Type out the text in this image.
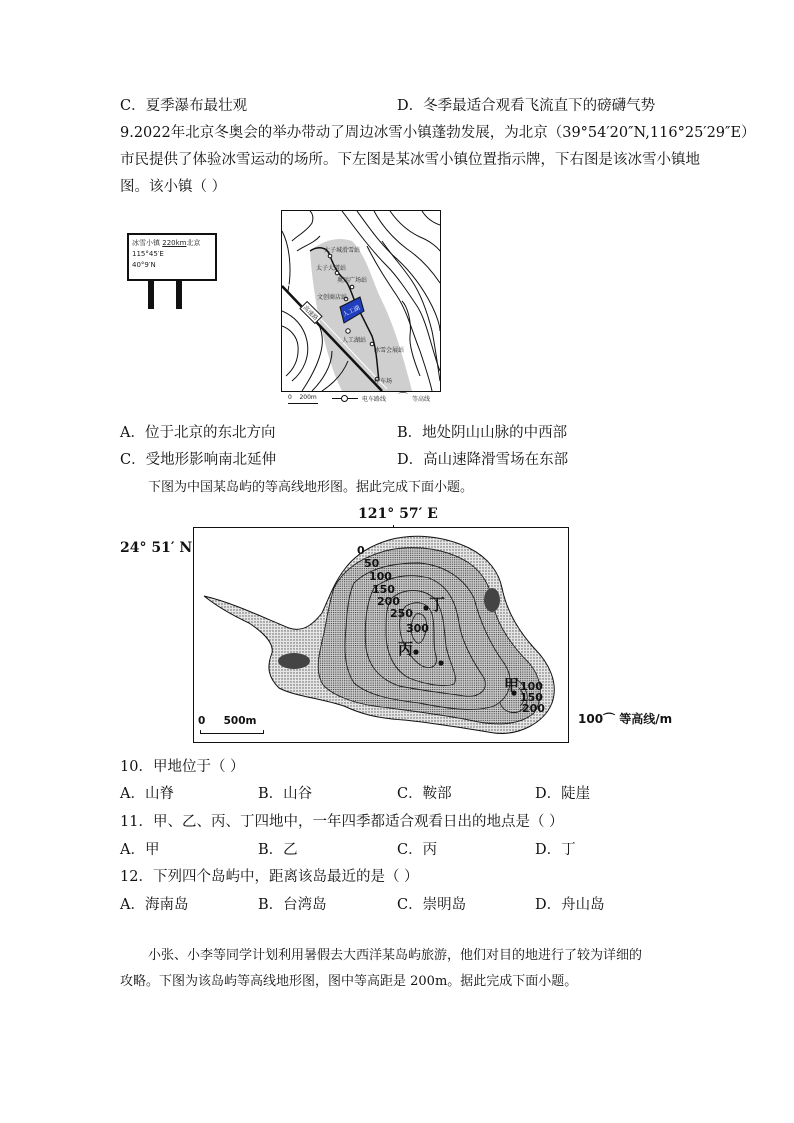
C．夏季瀑布最壮观	D．冬季最适合观看飞流直下的磅礴气势
9.2022年北京冬奥会的举办带动了周边冰雪小镇蓬勃发展，为北京（39°54′20″N,116°25′29″E）
市民提供了体验冰雪运动的场所。下左图是某冰雪小镇位置指示牌，下右图是该冰雪小镇地
图。该小镇（ ）
冰雪小镇 220km北京
115°45′E
40°9′N
太子城滑雪站
太子大道站
奥运广场站
文创商店站
人工湖站
冰雪会展站
停车场
人工湖
高速路
0    200m	电车路线 ⌒ 等高线
A．位于北京的东北方向	B．地处阴山山脉的中西部
C．受地形影响南北延伸	D．高山速降滑雪场在东部
下图为中国某岛屿的等高线地形图。据此完成下面小题。
121° 57′ E
24° 51′ N	0
50
100
150
200
250
300
丁
丙
甲 100
150
200
0     500m	100⌒ 等高线/m
10．甲地位于（ ）
A．山脊	B．山谷	C．鞍部	D．陡崖
11．甲、乙、丙、丁四地中，一年四季都适合观看日出的地点是（ ）
A．甲	B．乙	C．丙	D．丁
12．下列四个岛屿中，距离该岛最近的是（ ）
A．海南岛	B．台湾岛	C．崇明岛	D．舟山岛
小张、小李等同学计划利用暑假去大西洋某岛屿旅游，他们对目的地进行了较为详细的
攻略。下图为该岛屿等高线地形图，图中等高距是 200m。据此完成下面小题。
